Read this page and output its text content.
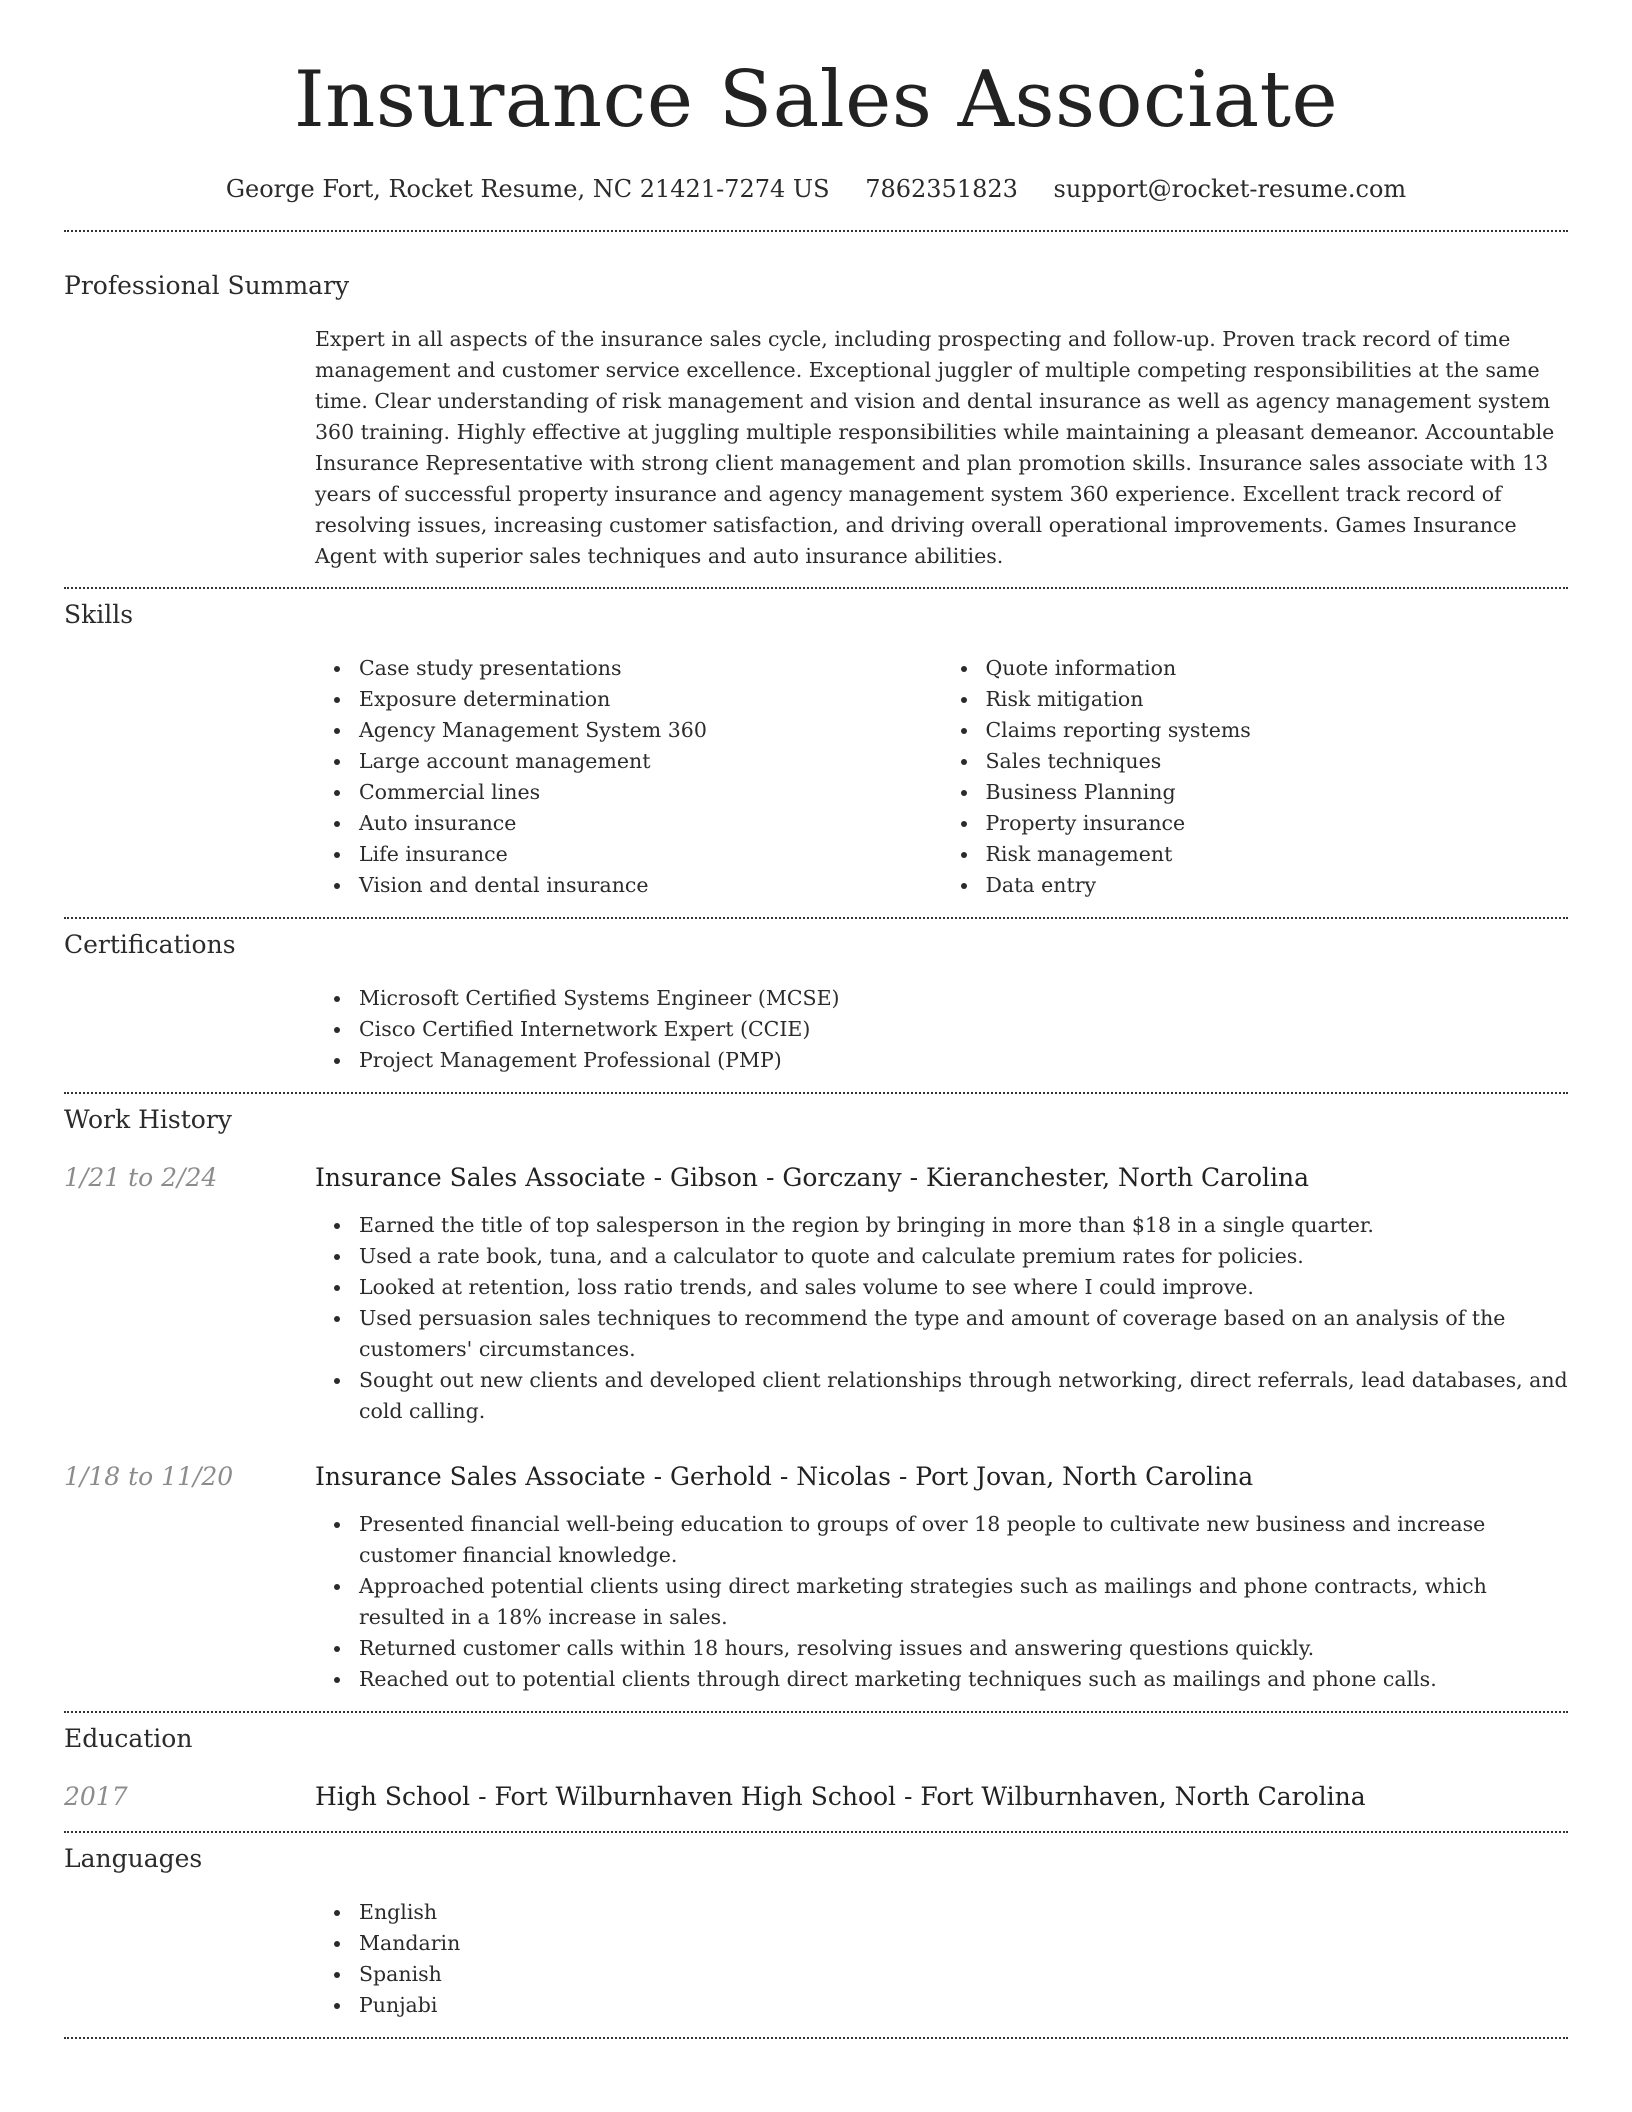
Insurance Sales Associate
George Fort, Rocket Resume, NC 21421-7274 US 7862351823 support@rocket-resume.com
Professional Summary
Expert in all aspects of the insurance sales cycle, including prospecting and follow-up. Proven track record of time management and customer service excellence. Exceptional juggler of multiple competing responsibilities at the same time. Clear understanding of risk management and vision and dental insurance as well as agency management system 360 training. Highly effective at juggling multiple responsibilities while maintaining a pleasant demeanor. Accountable Insurance Representative with strong client management and plan promotion skills. Insurance sales associate with 13 years of successful property insurance and agency management system 360 experience. Excellent track record of resolving issues, increasing customer satisfaction, and driving overall operational improvements. Games Insurance Agent with superior sales techniques and auto insurance abilities.
Skills
Case study presentations
Exposure determination
Agency Management System 360
Large account management
Commercial lines
Auto insurance
Life insurance
Vision and dental insurance
Quote information
Risk mitigation
Claims reporting systems
Sales techniques
Business Planning
Property insurance
Risk management
Data entry
Certifications
Microsoft Certified Systems Engineer (MCSE)
Cisco Certified Internetwork Expert (CCIE)
Project Management Professional (PMP)
Work History
1/21 to 2/24	Insurance Sales Associate - Gibson - Gorczany - Kieranchester, North Carolina
Earned the title of top salesperson in the region by bringing in more than $18 in a single quarter.
Used a rate book, tuna, and a calculator to quote and calculate premium rates for policies.
Looked at retention, loss ratio trends, and sales volume to see where I could improve.
Used persuasion sales techniques to recommend the type and amount of coverage based on an analysis of the customers' circumstances.
Sought out new clients and developed client relationships through networking, direct referrals, lead databases, and cold calling.
1/18 to 11/20	Insurance Sales Associate - Gerhold - Nicolas - Port Jovan, North Carolina
Presented financial well-being education to groups of over 18 people to cultivate new business and increase customer financial knowledge.
Approached potential clients using direct marketing strategies such as mailings and phone contracts, which resulted in a 18% increase in sales.
Returned customer calls within 18 hours, resolving issues and answering questions quickly.
Reached out to potential clients through direct marketing techniques such as mailings and phone calls.
Education
2017	High School - Fort Wilburnhaven High School - Fort Wilburnhaven, North Carolina
Languages
English
Mandarin
Spanish
Punjabi
